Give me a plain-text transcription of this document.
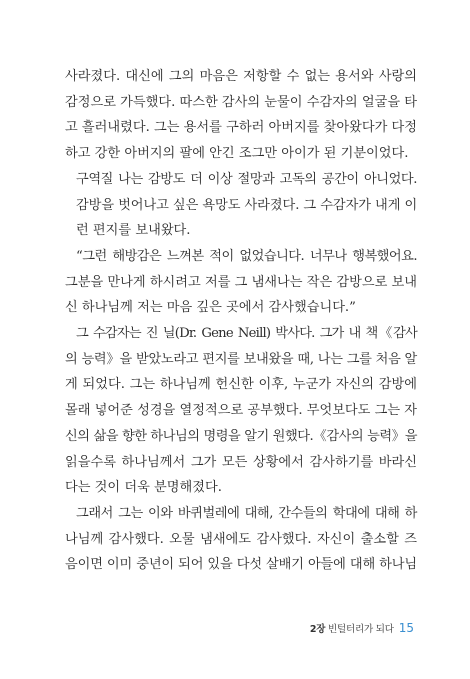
사라졌다. 대신에 그의 마음은 저항할 수 없는 용서와 사랑의
감정으로 가득했다. 따스한 감사의 눈물이 수감자의 얼굴을 타
고 흘러내렸다. 그는 용서를 구하러 아버지를 찾아왔다가 다정
하고 강한 아버지의 팔에 안긴 조그만 아이가 된 기분이었다.

구역질 나는 감방도 더 이상 절망과 고독의 공간이 아니었다.
감방을 벗어나고 싶은 욕망도 사라졌다. 그 수감자가 내게 이
런 편지를 보내왔다.

“그런 해방감은 느껴본 적이 없었습니다. 너무나 행복했어요.
그분을 만나게 하시려고 저를 그 냄새나는 작은 감방으로 보내
신 하나님께 저는 마음 깊은 곳에서 감사했습니다.”

그 수감자는 진 닐(Dr. Gene Neill) 박사다. 그가 내 책《감사
의 능력》을 받았노라고 편지를 보내왔을 때, 나는 그를 처음 알
게 되었다. 그는 하나님께 헌신한 이후, 누군가 자신의 감방에
몰래 넣어준 성경을 열정적으로 공부했다. 무엇보다도 그는 자
신의 삶을 향한 하나님의 명령을 알기 원했다.《감사의 능력》을
읽을수록 하나님께서 그가 모든 상황에서 감사하기를 바라신
다는 것이 더욱 분명해졌다.

그래서 그는 이와 바퀴벌레에 대해, 간수들의 학대에 대해 하
나님께 감사했다. 오물 냄새에도 감사했다. 자신이 출소할 즈
음이면 이미 중년이 되어 있을 다섯 살배기 아들에 대해 하나님

2장 빈털터리가 되다 15
